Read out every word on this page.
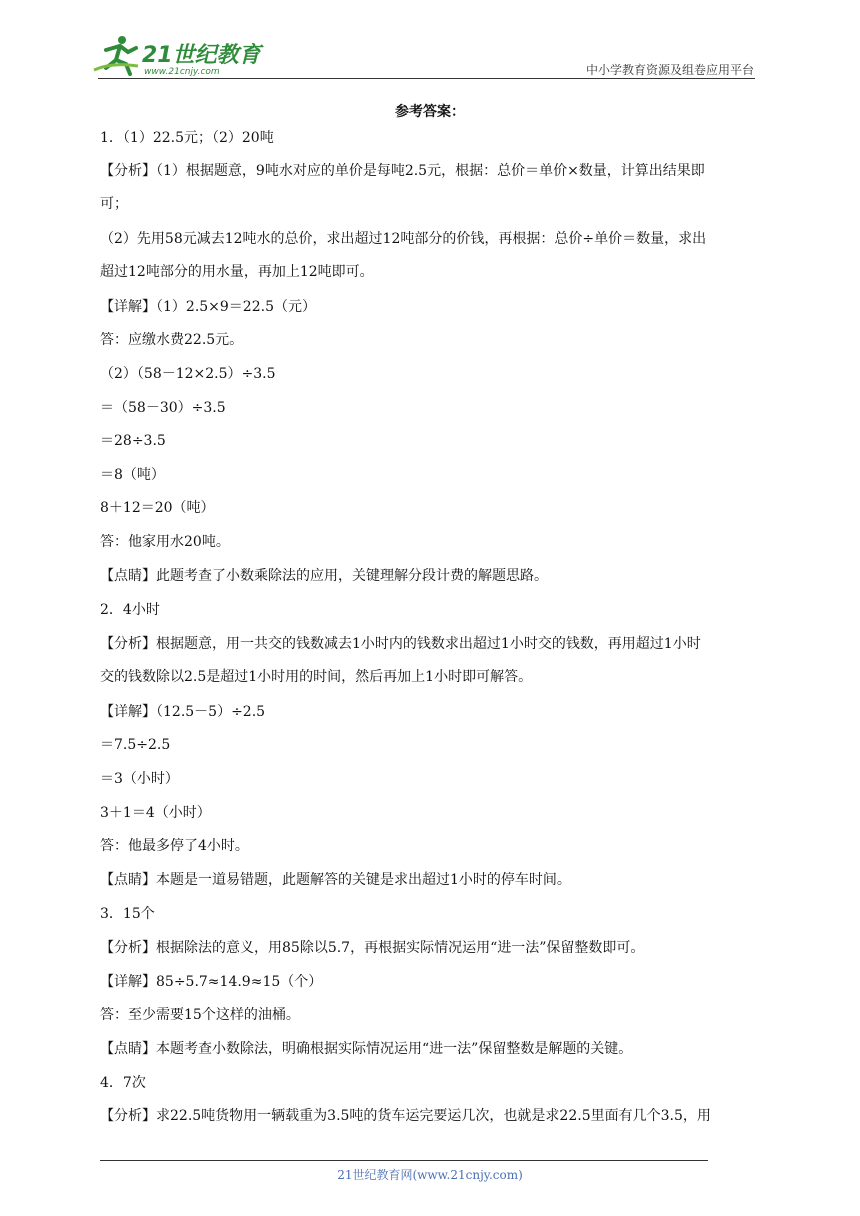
21世纪教育
www.21cnjy.com	中小学教育资源及组卷应用平台
参考答案：
1．（1）22.5元；（2）20吨
【分析】（1）根据题意，9吨水对应的单价是每吨2.5元，根据：总价＝单价×数量，计算出结果即
可；
（2）先用58元减去12吨水的总价，求出超过12吨部分的价钱，再根据：总价÷单价＝数量，求出
超过12吨部分的用水量，再加上12吨即可。
【详解】（1）2.5×9＝22.5（元）
答：应缴水费22.5元。
（2）（58－12×2.5）÷3.5
＝（58－30）÷3.5
＝28÷3.5
＝8（吨）
8＋12＝20（吨）
答：他家用水20吨。
【点睛】此题考查了小数乘除法的应用，关键理解分段计费的解题思路。
2．4小时
【分析】根据题意，用一共交的钱数减去1小时内的钱数求出超过1小时交的钱数，再用超过1小时
交的钱数除以2.5是超过1小时用的时间，然后再加上1小时即可解答。
【详解】（12.5－5）÷2.5
＝7.5÷2.5
＝3（小时）
3＋1＝4（小时）
答：他最多停了4小时。
【点睛】本题是一道易错题，此题解答的关键是求出超过1小时的停车时间。
3．15个
【分析】根据除法的意义，用85除以5.7，再根据实际情况运用“进一法”保留整数即可。
【详解】85÷5.7≈14.9≈15（个）
答：至少需要15个这样的油桶。
【点睛】本题考查小数除法，明确根据实际情况运用“进一法”保留整数是解题的关键。
4．7次
【分析】求22.5吨货物用一辆载重为3.5吨的货车运完要运几次，也就是求22.5里面有几个3.5，用
21世纪教育网(www.21cnjy.com)
